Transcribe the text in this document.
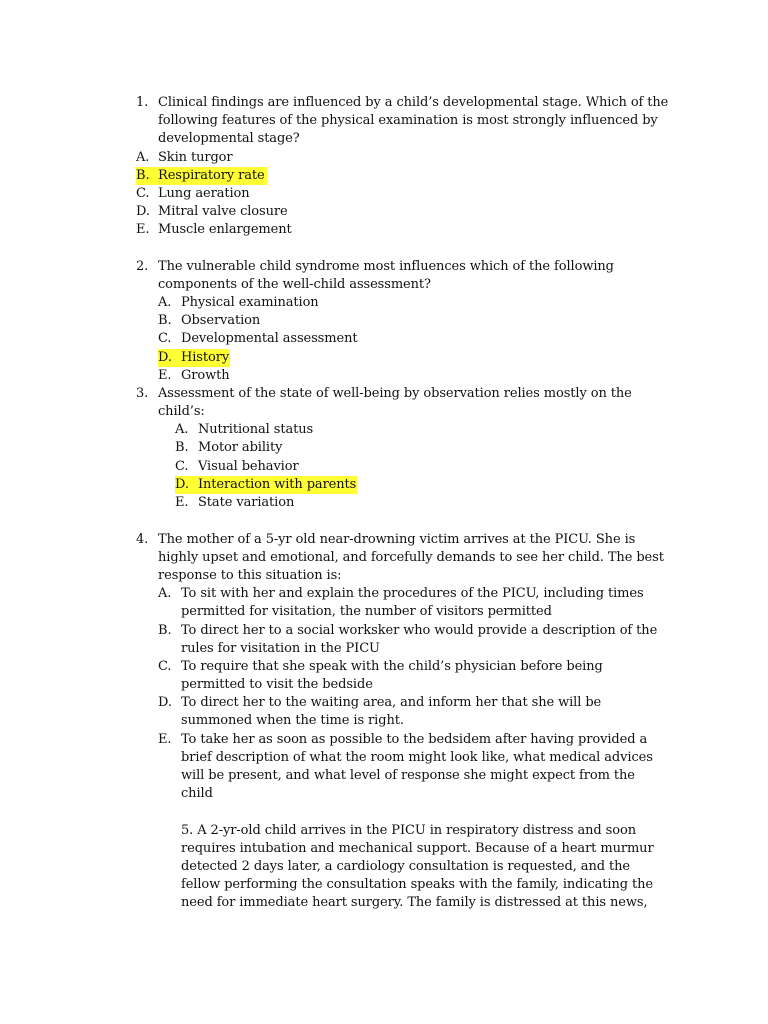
1. Clinical findings are influenced by a child’s developmental stage. Which of the
following features of the physical examination is most strongly influenced by
developmental stage?
A. Skin turgor
B. Respiratory rate
C. Lung aeration
D. Mitral valve closure
E. Muscle enlargement
2. The vulnerable child syndrome most influences which of the following
components of the well-child assessment?
A. Physical examination
B. Observation
C. Developmental assessment
D. History
E. Growth
3. Assessment of the state of well-being by observation relies mostly on the
child’s:
A. Nutritional status
B. Motor ability
C. Visual behavior
D. Interaction with parents
E. State variation
4. The mother of a 5-yr old near-drowning victim arrives at the PICU. She is
highly upset and emotional, and forcefully demands to see her child. The best
response to this situation is:
A. To sit with her and explain the procedures of the PICU, including times
permitted for visitation, the number of visitors permitted
B. To direct her to a social worksker who would provide a description of the
rules for visitation in the PICU
C. To require that she speak with the child’s physician before being
permitted to visit the bedside
D. To direct her to the waiting area, and inform her that she will be
summoned when the time is right.
E. To take her as soon as possible to the bedsidem after having provided a
brief description of what the room might look like, what medical advices
will be present, and what level of response she might expect from the
child
5. A 2-yr-old child arrives in the PICU in respiratory distress and soon
requires intubation and mechanical support. Because of a heart murmur
detected 2 days later, a cardiology consultation is requested, and the
fellow performing the consultation speaks with the family, indicating the
need for immediate heart surgery. The family is distressed at this news,
